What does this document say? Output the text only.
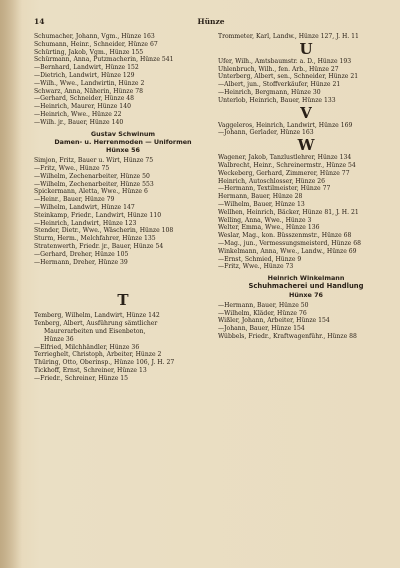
14	Hünze
Schumacher, Johann, Vgm., Hünze 163
Schumann, Heinr., Schneider, Hünze 67
Schürting, Jakob, Vgm., Hünze 155
Schürmann, Anna, Putzmacherin, Hünze 541
—Bernhard, Landwirt, Hünze 152
—Dietrich, Landwirt, Hünze 129
—Wilh., Wwe., Landwirtin, Hünze 2
Schwarz, Anna, Näherin, Hünze 78
—Gerhard, Schneider, Hünze 48
—Heinrich, Maurer, Hünze 140
—Heinrich, Wwe., Hünze 22
—Wilh. jr., Bauer, Hünze 140
Gustav Schwinum
Damen- u. Herrenmoden — Uniformen
Hünxe 56
Simjon, Fritz, Bauer u. Wirt, Hünze 75
—Fritz, Wwe., Hünze 75
—Wilhelm, Zechenarbeiter, Hünze 50
—Wilhelm, Zechenarbeiter, Hünze 553
Spickermann, Aletta, Wwe., Hünze 6
—Heinr., Bauer, Hünze 79
—Wilhelm, Landwirt, Hünze 147
Steinkamp, Friedr., Landwirt, Hünze 110
—Heinrich, Landwirt, Hünze 123
Stender, Dietr., Wwe., Wäscherin, Hünze 108
Sturm, Herm., Melchfahrer, Hünze 135
Stratenwerth, Friedr. jr., Bauer, Hünze 54
—Gerhard, Dreher, Hünze 105
—Hermann, Dreher, Hünze 39
T
Temberg, Wilhelm, Landwirt, Hünze 142
Tenberg, Albert, Ausführung sämtlicher
Maurerarbeiten und Eisenbeton,
Hünze 36
—Elfried, Milchhändler, Hünze 36
Terrieghelt, Christoph, Arbeiter, Hünze 2
Thüring, Otto, Oberinsp., Hünze 106, J. H. 27
Tickhoff, Ernst, Schreiner, Hünze 13
—Friedr., Schreiner, Hünze 15
Trommeter, Karl, Landw., Hünze 127, J. H. 11
U
Ufer, Wilh., Amtsbaumstr. a. D., Hünze 193
Uhlenbruch, Wilh., fen. Arb., Hünze 27
Unterberg, Albert, sen., Schneider, Hünze 21
—Albert, jun., Stoffverkäufer, Hünze 21
—Heinrich, Bergmann, Hünze 30
Unterlob, Heinrich, Bauer, Hünze 133
V
Vaggeleros, Heinrich, Landwirt, Hünze 169
—Johann, Gerlader, Hünze 163
W
Wagener, Jakob, Tanzlustlehrer, Hünze 134
Walbrecht, Heinr., Schreinermstr., Hünze 54
Weckeberg, Gerhard, Zimmerer, Hünze 77
Heinrich, Autoschlosser, Hünze 26
—Hermann, Textilmeister, Hünze 77
Hermann, Bauer, Hünze 28
—Wilhelm, Bauer, Hünze 13
Wellhen, Heinrich, Bäcker, Hünze 81, J. H. 21
Welling, Anna, Wwe., Hünze 3
Welter, Emma, Wwe., Hünze 136
Weslar, Mag., kon. Büsszenmstr., Hünze 68
—Mag., jun., Vermessungsmeisterd, Hünze 68
Winkelmann, Anna, Wwe., Landw., Hünze 69
—Ernst, Schmied, Hünze 9
—Fritz, Wwe., Hünze 73
Heinrich Winkelmann
Schuhmacherei und Handlung
Hünxe 76
—Hermann, Bauer, Hünze 50
—Wilhelm, Kläder, Hünze 76
Wißler, Johann, Arbeiter, Hünze 154
—Johann, Bauer, Hünze 154
Wübbels, Friedr., Kraftwagenführ., Hünze 88
